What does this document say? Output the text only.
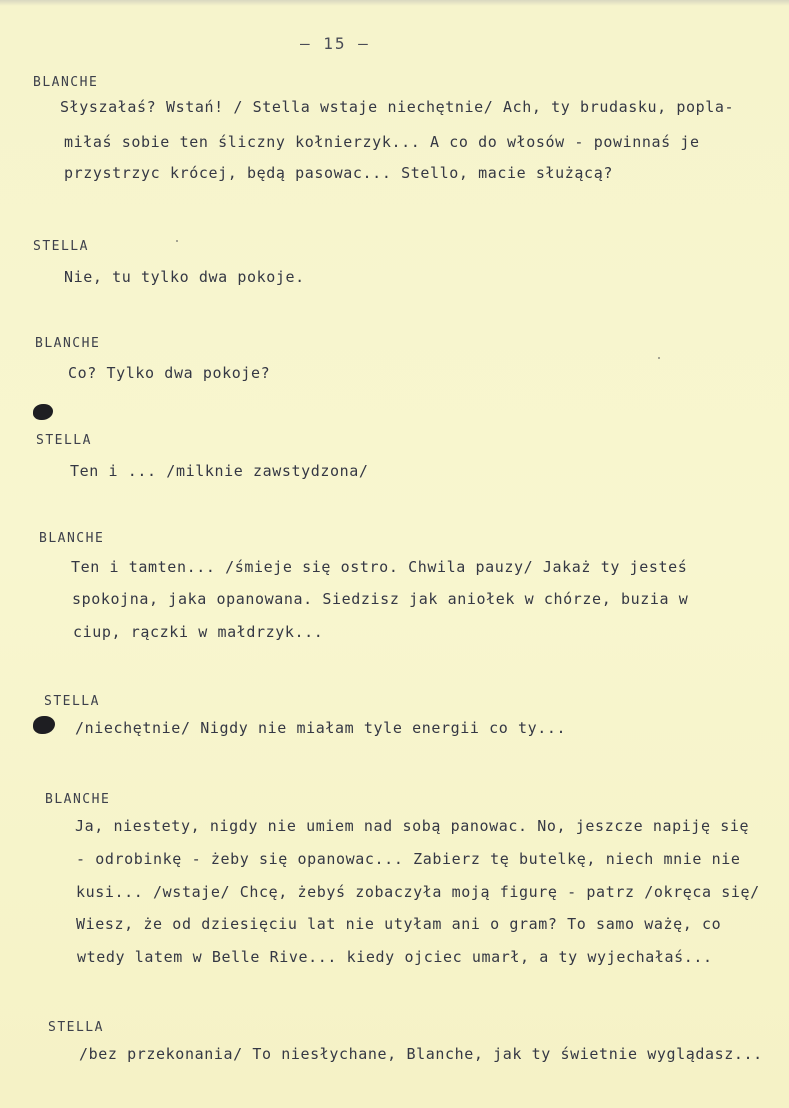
– 15 –
BLANCHE
Słyszałaś? Wstań! / Stella wstaje niechętnie/ Ach, ty brudasku, popla-
miłaś sobie ten śliczny kołnierzyk... A co do włosów - powinnaś je
przystrzyc krócej, będą pasowac... Stello, macie służącą?
STELLA
Nie, tu tylko dwa pokoje.
BLANCHE
Co? Tylko dwa pokoje?
STELLA
Ten i ... /milknie zawstydzona/
BLANCHE
Ten i tamten... /śmieje się ostro. Chwila pauzy/ Jakaż ty jesteś
spokojna, jaka opanowana. Siedzisz jak aniołek w chórze, buzia w
ciup, rączki w małdrzyk...
STELLA
/niechętnie/ Nigdy nie miałam tyle energii co ty...
BLANCHE
Ja, niestety, nigdy nie umiem nad sobą panowac. No, jeszcze napiję się
- odrobinkę - żeby się opanowac... Zabierz tę butelkę, niech mnie nie
kusi... /wstaje/ Chcę, żebyś zobaczyła moją figurę - patrz /okręca się/
Wiesz, że od dziesięciu lat nie utyłam ani o gram? To samo ważę, co
wtedy latem w Belle Rive... kiedy ojciec umarł, a ty wyjechałaś...
STELLA
/bez przekonania/ To niesłychane, Blanche, jak ty świetnie wyglądasz...
